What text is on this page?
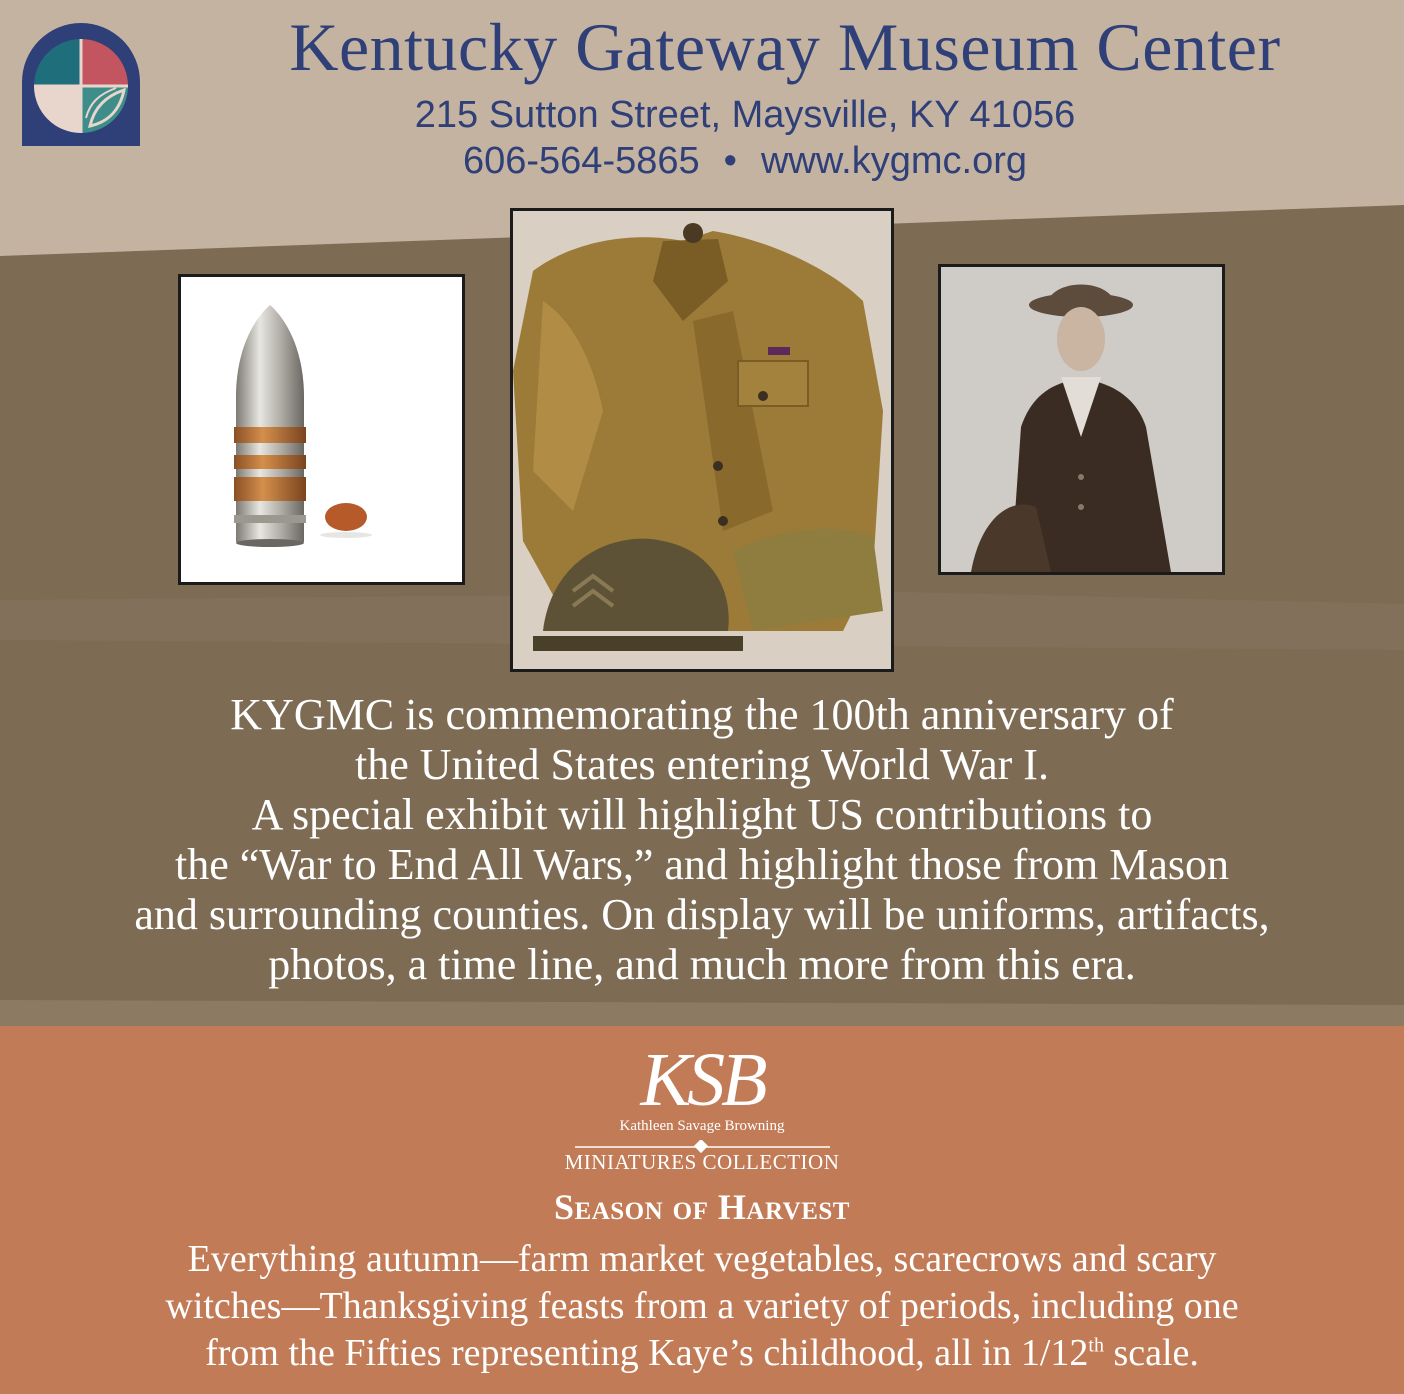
Kentucky Gateway Museum Center
215 Sutton Street, Maysville, KY 41056
606-564-5865 • www.kygmc.org
KYGMC is commemorating the 100th anniversary of
the United States entering World War I.
A special exhibit will highlight US contributions to
the “War to End All Wars,” and highlight those from Mason
and surrounding counties. On display will be uniforms, artifacts,
photos, a time line, and much more from this era.
KSB
Kathleen Savage Browning
MINIATURES COLLECTION
Season of Harvest
Everything autumn—farm market vegetables, scarecrows and scary
witches—Thanksgiving feasts from a variety of periods, including one
from the Fifties representing Kaye’s childhood, all in 1/12th scale.
